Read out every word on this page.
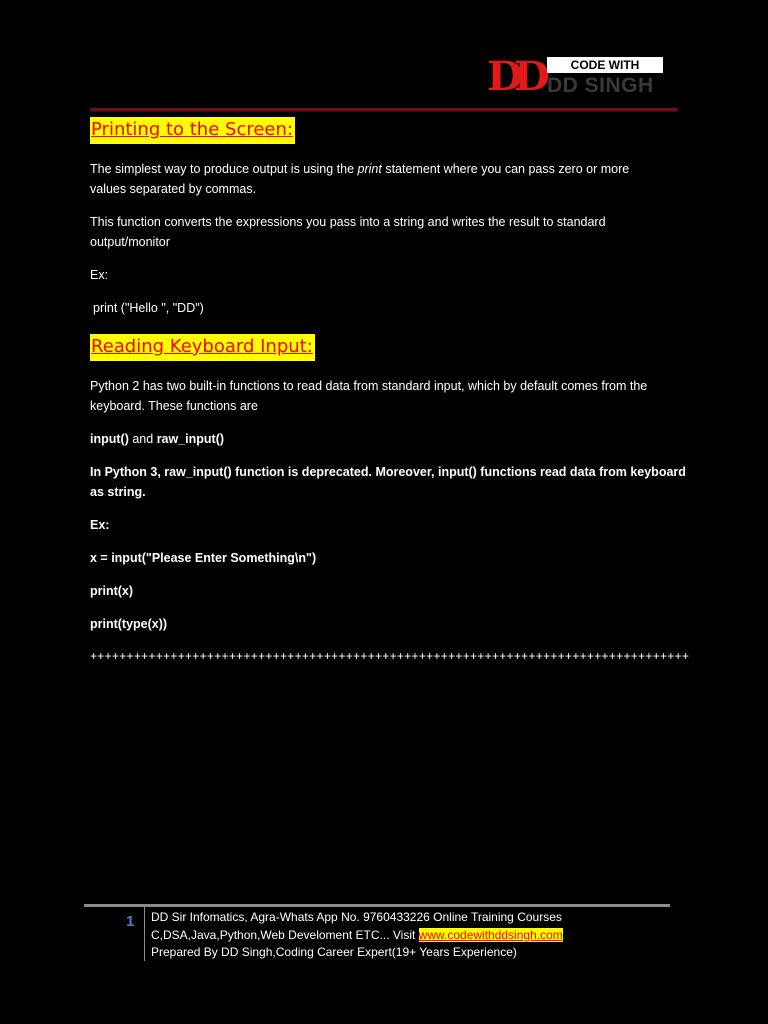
DD	CODE WITH
DD SINGH
Printing to the Screen:

The simplest way to produce output is using the print statement where you can pass zero or more
values separated by commas.

This function converts the expressions you pass into a string and writes the result to standard
output/monitor

Ex:

print ("Hello ", "DD")

Reading Keyboard Input:

Python 2 has two built-in functions to read data from standard input, which by default comes from the
keyboard. These functions are

input() and raw_input()

In Python 3, raw_input() function is deprecated. Moreover, input() functions read data from keyboard
as string.

Ex:

x = input("Please Enter Something\n")

print(x)

print(type(x))

++++++++++++++++++++++++++++++++++++++++++++++++++++++++++++++++++++++++++++++++++
1 DD Sir Infomatics, Agra-Whats App No. 9760433226 Online Training Courses
C,DSA,Java,Python,Web Develoment ETC... Visit www.codewithddsingh.com
Prepared By DD Singh,Coding Career Expert(19+ Years Experience)
